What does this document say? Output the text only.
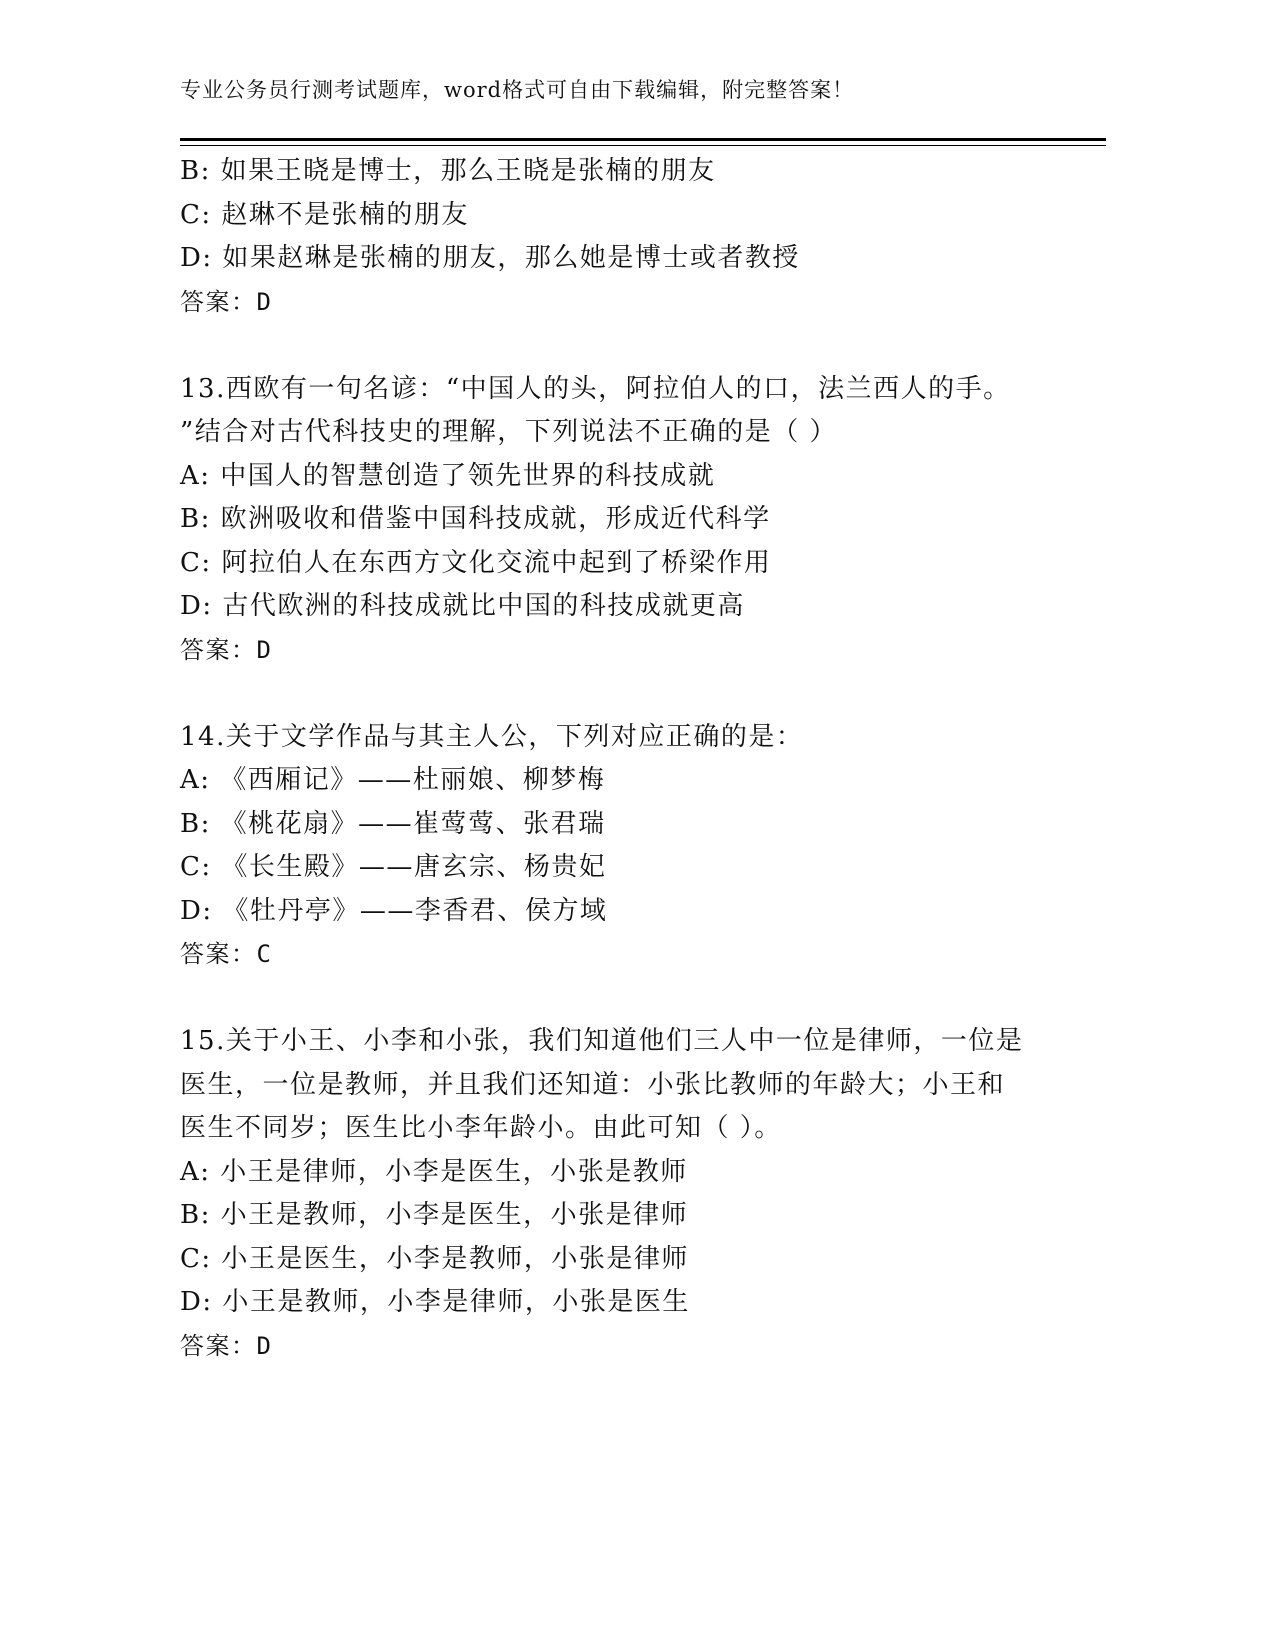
专业公务员行测考试题库，word格式可自由下载编辑，附完整答案！
B: 如果王晓是博士，那么王晓是张楠的朋友
C: 赵琳不是张楠的朋友
D: 如果赵琳是张楠的朋友，那么她是博士或者教授
答案：D
13.西欧有一句名谚：“中国人的头，阿拉伯人的口，法兰西人的手。
”结合对古代科技史的理解，下列说法不正确的是（ ）
A: 中国人的智慧创造了领先世界的科技成就
B: 欧洲吸收和借鉴中国科技成就，形成近代科学
C: 阿拉伯人在东西方文化交流中起到了桥梁作用
D: 古代欧洲的科技成就比中国的科技成就更高
答案：D
14.关于文学作品与其主人公，下列对应正确的是：
A: 《西厢记》——杜丽娘、柳梦梅
B: 《桃花扇》——崔莺莺、张君瑞
C: 《长生殿》——唐玄宗、杨贵妃
D: 《牡丹亭》——李香君、侯方域
答案：C
15.关于小王、小李和小张，我们知道他们三人中一位是律师，一位是
医生，一位是教师，并且我们还知道：小张比教师的年龄大；小王和
医生不同岁；医生比小李年龄小。由此可知（ ）。
A: 小王是律师，小李是医生，小张是教师
B: 小王是教师，小李是医生，小张是律师
C: 小王是医生，小李是教师，小张是律师
D: 小王是教师，小李是律师，小张是医生
答案：D
